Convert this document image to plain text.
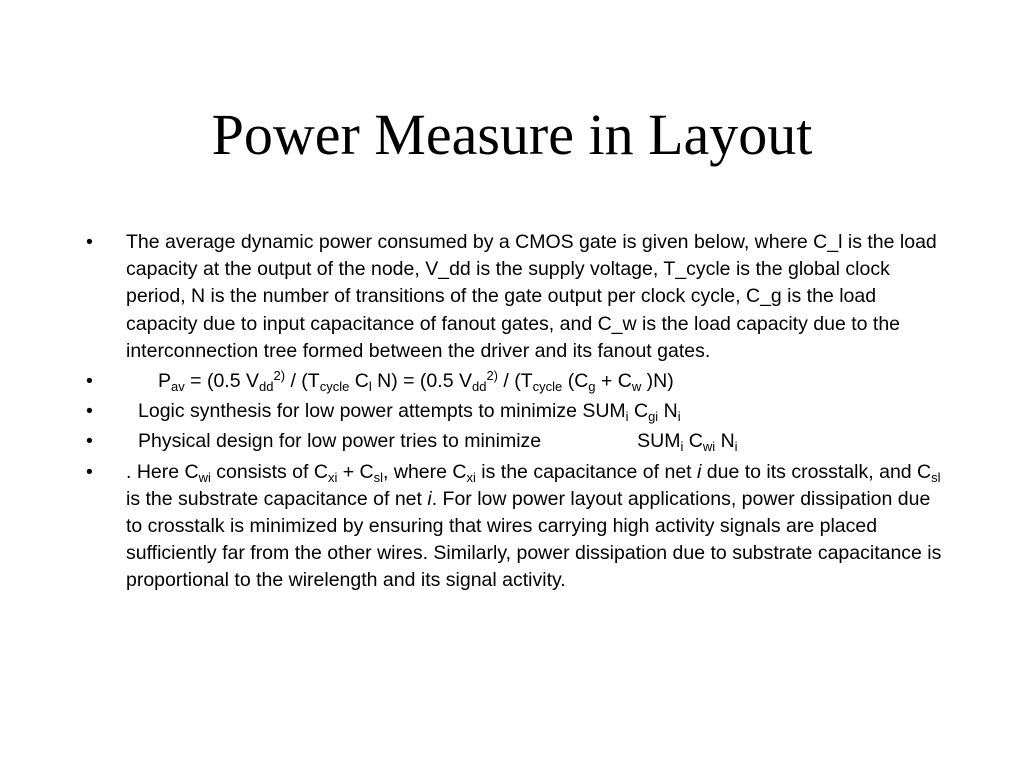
Power Measure in Layout
•	The average dynamic power consumed by a CMOS gate is given below, where C_l is the load capacity at the output of the node, V_dd is the supply voltage, T_cycle is the global clock period, N is the number of transitions of the gate output per clock cycle, C_g is the load capacity due to input capacitance of fanout gates, and C_w is the load capacity due to the interconnection tree formed between the driver and its fanout gates.
•	$P_{av} = (0.5$ $V_{dd}^{2)} / (T_{cycle}$ $C_l$ N) = (0.5 $V_{dd}^{2)} / (T_{cycle}$ ($C_g + C_w$ )N)
•	Logic synthesis for low power attempts to minimize $SUM_i$ $C_{gi}$ $N_i$
•	Physical design for low power tries to minimize	$SUM_i$ $C_{wi}$ $N_i$
•	. Here $C_{wi}$ consists of $C_{xi} + C_{sl}$, where $C_{xi}$ is the capacitance of net i due to its crosstalk, and $C_{sl}$ is the substrate capacitance of net i. For low power layout applications, power dissipation due to crosstalk is minimized by ensuring that wires carrying high activity signals are placed sufficiently far from the other wires. Similarly, power dissipation due to substrate capacitance is proportional to the wirelength and its signal activity.
